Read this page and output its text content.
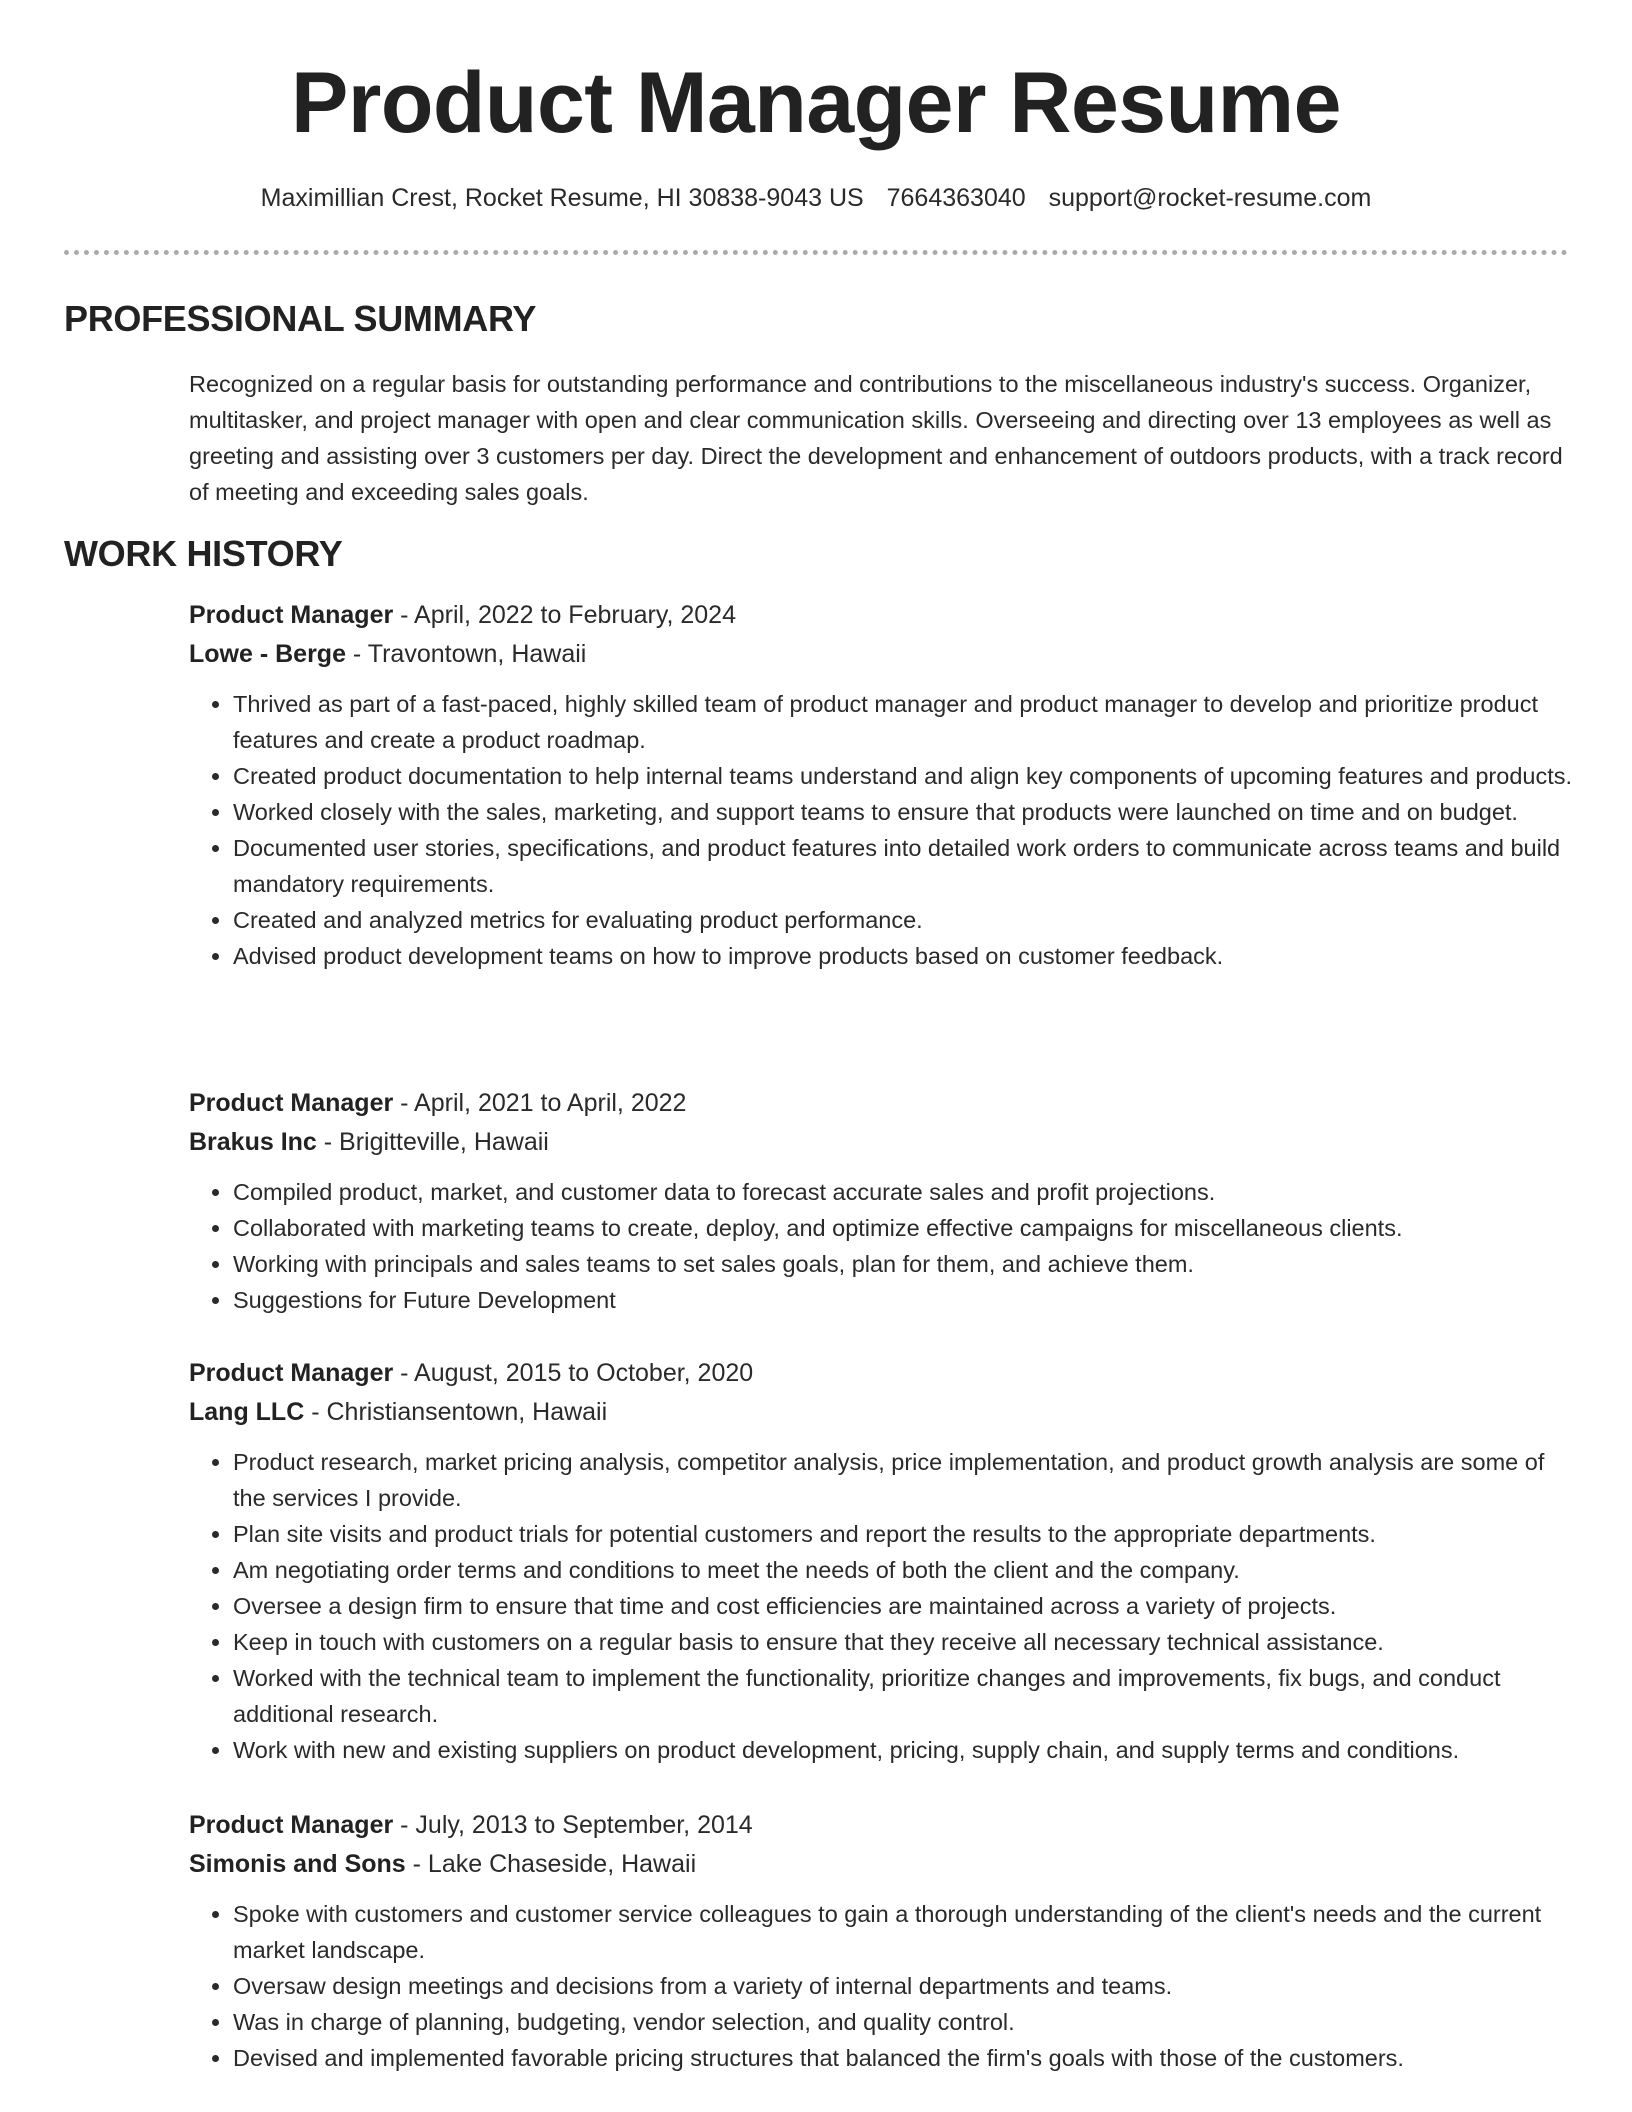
Product Manager Resume
Maximillian Crest, Rocket Resume, HI 30838-9043 US 7664363040 support@rocket-resume.com
PROFESSIONAL SUMMARY

Recognized on a regular basis for outstanding performance and contributions to the miscellaneous industry's success. Organizer, multitasker, and project manager with open and clear communication skills. Overseeing and directing over 13 employees as well as greeting and assisting over 3 customers per day. Direct the development and enhancement of outdoors products, with a track record of meeting and exceeding sales goals.

WORK HISTORY
Product Manager - April, 2022 to February, 2024
Lowe - Berge - Travontown, Hawaii
• Thrived as part of a fast-paced, highly skilled team of product manager and product manager to develop and prioritize product features and create a product roadmap.
• Created product documentation to help internal teams understand and align key components of upcoming features and products.
• Worked closely with the sales, marketing, and support teams to ensure that products were launched on time and on budget.
• Documented user stories, specifications, and product features into detailed work orders to communicate across teams and build mandatory requirements.
• Created and analyzed metrics for evaluating product performance.
• Advised product development teams on how to improve products based on customer feedback.
Product Manager - April, 2021 to April, 2022
Brakus Inc - Brigitteville, Hawaii
• Compiled product, market, and customer data to forecast accurate sales and profit projections.
• Collaborated with marketing teams to create, deploy, and optimize effective campaigns for miscellaneous clients.
• Working with principals and sales teams to set sales goals, plan for them, and achieve them.
• Suggestions for Future Development
Product Manager - August, 2015 to October, 2020
Lang LLC - Christiansentown, Hawaii
• Product research, market pricing analysis, competitor analysis, price implementation, and product growth analysis are some of the services I provide.
• Plan site visits and product trials for potential customers and report the results to the appropriate departments.
• Am negotiating order terms and conditions to meet the needs of both the client and the company.
• Oversee a design firm to ensure that time and cost efficiencies are maintained across a variety of projects.
• Keep in touch with customers on a regular basis to ensure that they receive all necessary technical assistance.
• Worked with the technical team to implement the functionality, prioritize changes and improvements, fix bugs, and conduct additional research.
• Work with new and existing suppliers on product development, pricing, supply chain, and supply terms and conditions.
Product Manager - July, 2013 to September, 2014
Simonis and Sons - Lake Chaseside, Hawaii
• Spoke with customers and customer service colleagues to gain a thorough understanding of the client's needs and the current market landscape.
• Oversaw design meetings and decisions from a variety of internal departments and teams.
• Was in charge of planning, budgeting, vendor selection, and quality control.
• Devised and implemented favorable pricing structures that balanced the firm's goals with those of the customers.
